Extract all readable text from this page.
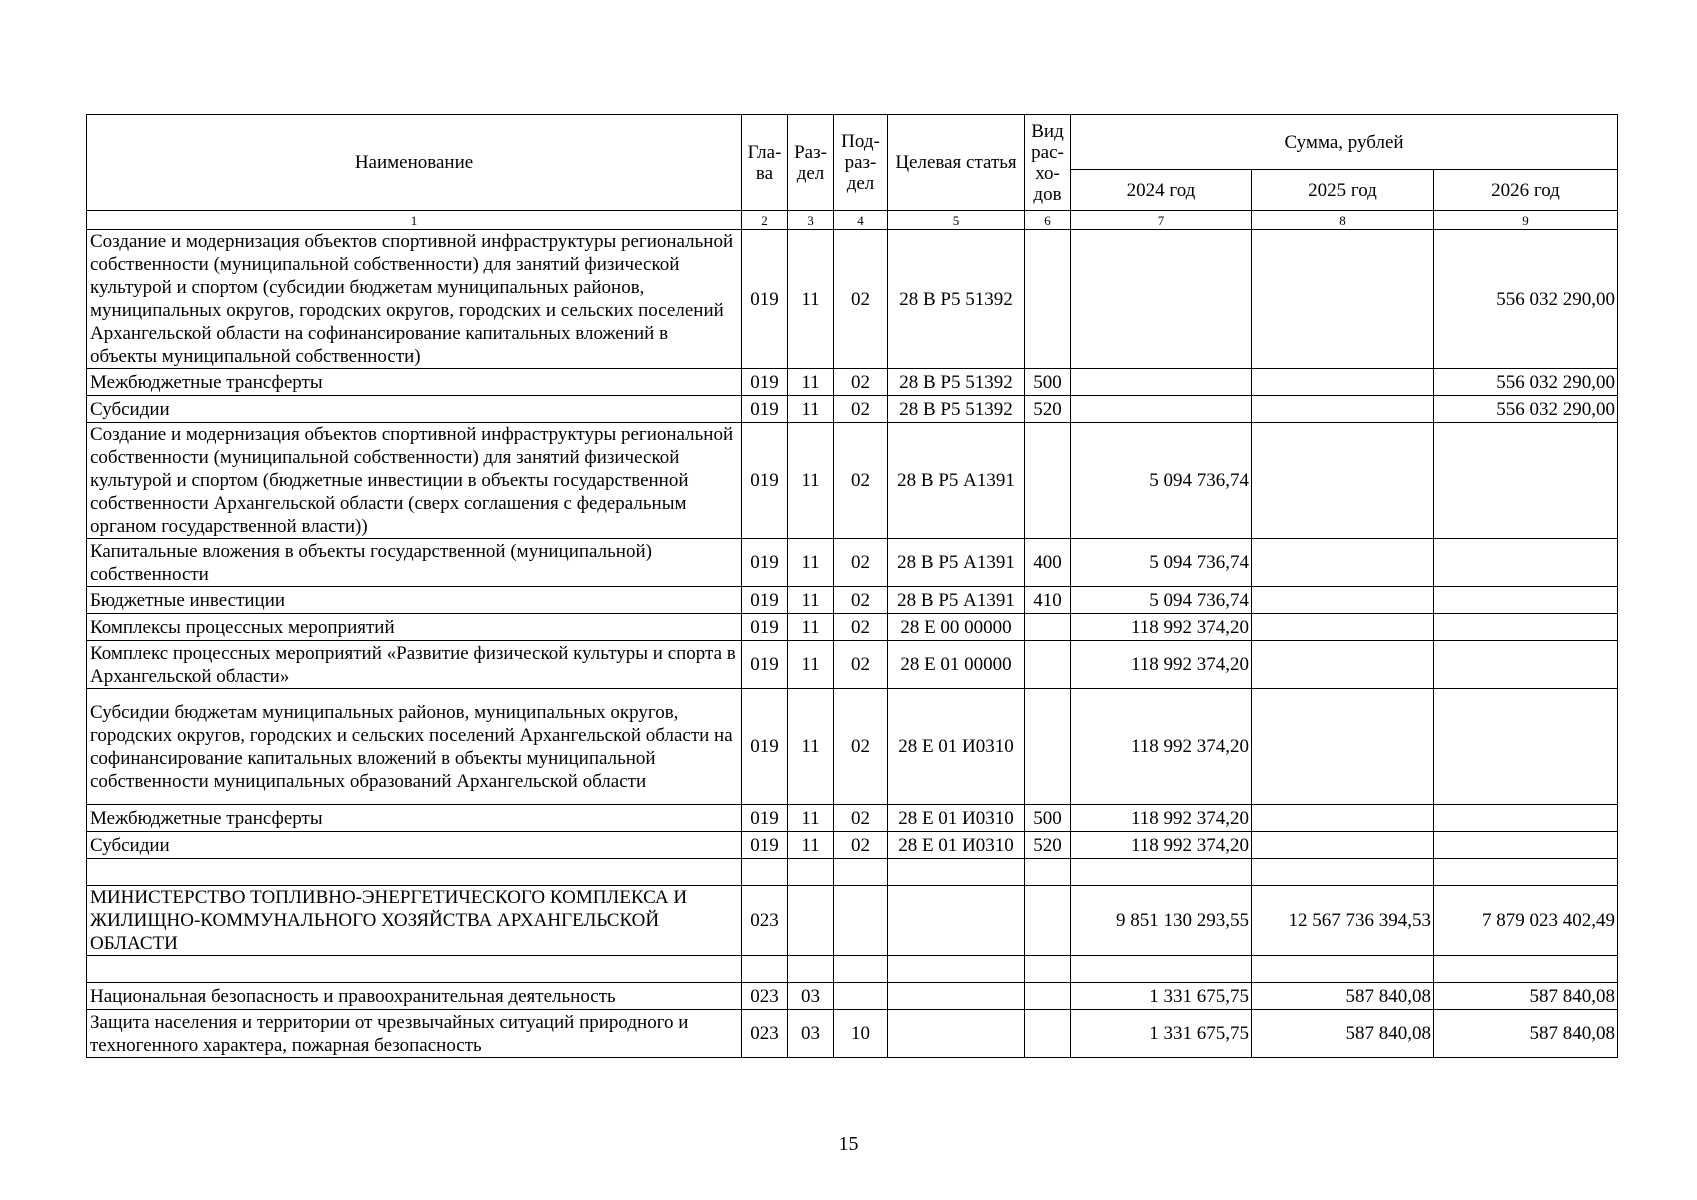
Наименование	Гла-ва	Раз-дел	Под-раз-дел	Целевая статья	Вид рас-хо-дов	Сумма, рублей		
						2024 год	2025 год	2026 год
1	2	3	4	5	6	7	8	9
Создание и модернизация объектов спортивной инфраструктуры региональной собственности (муниципальной собственности) для занятий физической культурой и спортом (субсидии бюджетам муниципальных районов, муниципальных округов, городских округов, городских и сельских поселений Архангельской области на софинансирование капитальных вложений в объекты муниципальной собственности)	019	11	02	28 В Р5 51392				556 032 290,00
Межбюджетные трансферты	019	11	02	28 В Р5 51392	500			556 032 290,00
Субсидии	019	11	02	28 В Р5 51392	520			556 032 290,00
Создание и модернизация объектов спортивной инфраструктуры региональной собственности (муниципальной собственности) для занятий физической культурой и спортом (бюджетные инвестиции в объекты государственной собственности Архангельской области (сверх соглашения с федеральным органом государственной власти))	019	11	02	28 В Р5 А1391		5 094 736,74		
Капитальные вложения в объекты государственной (муниципальной) собственности	019	11	02	28 В Р5 А1391	400	5 094 736,74		
Бюджетные инвестиции	019	11	02	28 В Р5 А1391	410	5 094 736,74		
Комплексы процессных мероприятий	019	11	02	28 Е 00 00000		118 992 374,20		
Комплекс процессных мероприятий «Развитие физической культуры и спорта в Архангельской области»	019	11	02	28 Е 01 00000		118 992 374,20		
Субсидии бюджетам муниципальных районов, муниципальных округов, городских округов, городских и сельских поселений Архангельской области на софинансирование капитальных вложений в объекты муниципальной собственности муниципальных образований Архангельской области	019	11	02	28 Е 01 И0310		118 992 374,20		
Межбюджетные трансферты	019	11	02	28 Е 01 И0310	500	118 992 374,20		
Субсидии	019	11	02	28 Е 01 И0310	520	118 992 374,20		

МИНИСТЕРСТВО ТОПЛИВНО-ЭНЕРГЕТИЧЕСКОГО КОМПЛЕКСА И ЖИЛИЩНО-КОММУНАЛЬНОГО ХОЗЯЙСТВА АРХАНГЕЛЬСКОЙ ОБЛАСТИ	023					9 851 130 293,55	12 567 736 394,53	7 879 023 402,49

Национальная безопасность и правоохранительная деятельность	023	03				1 331 675,75	587 840,08	587 840,08
Защита населения и территории от чрезвычайных ситуаций природного и техногенного характера, пожарная безопасность	023	03	10			1 331 675,75	587 840,08	587 840,08
15
